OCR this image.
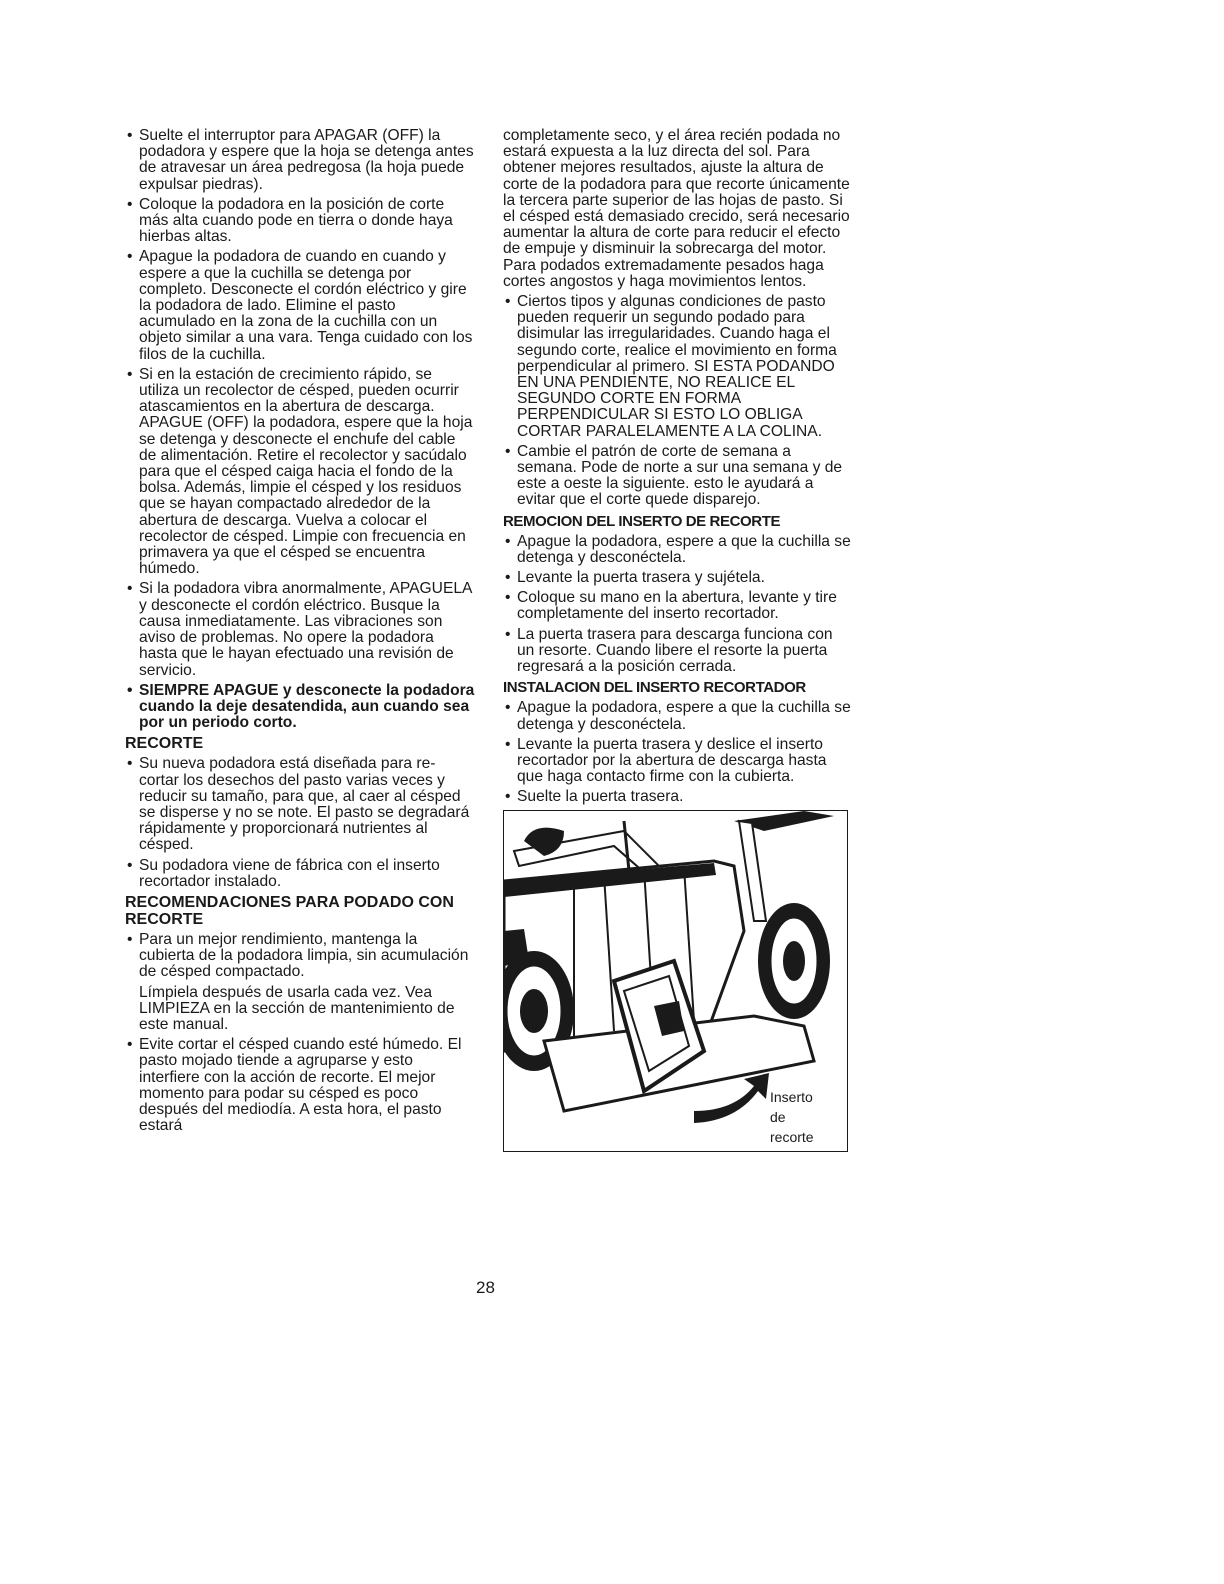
• Suelte el interruptor para APAGAR (OFF) la podadora y espere que la hoja se detenga antes de atravesar un área pedregosa (la hoja puede expulsar piedras).
• Coloque la podadora en la posición de corte más alta cuando pode en tierra o donde haya hierbas altas.
• Apague la podadora de cuando en cuando y espere a que la cuchilla se detenga por completo. Desconecte el cordón eléctrico y gire la podadora de lado. Elimine el pasto acumulado en la zona de la cuchilla con un objeto similar a una vara. Tenga cuidado con los filos de la cuchilla.
• Si en la estación de crecimiento rápido, se utiliza un recolector de césped, pueden ocurrir atascamientos en la abertura de descarga. APAGUE (OFF) la podadora, espere que la hoja se detenga y desconecte el enchufe del cable de alimentación. Retire el recolector y sacúdalo para que el césped caiga hacia el fondo de la bolsa. Además, limpie el césped y los residuos que se hayan compactado alrededor de la abertura de descarga. Vuelva a colocar el recolector de césped. Limpie con frecuencia en primavera ya que el césped se encuentra húmedo.
• Si la podadora vibra anormalmente, APAGUELA y desconecte el cordón eléctrico. Busque la causa inmediatamente. Las vibraciones son aviso de problemas. No opere la podadora hasta que le hayan efectuado una revisión de servicio.
• SIEMPRE APAGUE y desconecte la podadora cuando la deje desatendida, aun cuando sea por un periodo corto.
RECORTE
• Su nueva podadora está diseñada para re-cortar los desechos del pasto varias veces y reducir su tamaño, para que, al caer al césped se disperse y no se note. El pasto se degradará rápidamente y proporcionará nutrientes al césped.
• Su podadora viene de fábrica con el inserto recortador instalado.
RECOMENDACIONES PARA PODADO CON RECORTE
• Para un mejor rendimiento, mantenga la cubierta de la podadora limpia, sin acumulación de césped compactado.
Límpiela después de usarla cada vez. Vea LIMPIEZA en la sección de mantenimiento de este manual.
• Evite cortar el césped cuando esté húmedo. El pasto mojado tiende a agruparse y esto interfiere con la acción de recorte. El mejor momento para podar su césped es poco después del mediodía. A esta hora, el pasto estará
completamente seco, y el área recién podada no estará expuesta a la luz directa del sol. Para obtener mejores resultados, ajuste la altura de corte de la podadora para que recorte únicamente la tercera parte superior de las hojas de pasto. Si el césped está demasiado crecido, será necesario aumentar la altura de corte para reducir el efecto de empuje y disminuir la sobrecarga del motor. Para podados extremadamente pesados haga cortes angostos y haga movimientos lentos.
• Ciertos tipos y algunas condiciones de pasto pueden requerir un segundo podado para disimular las irregularidades. Cuando haga el segundo corte, realice el movimiento en forma perpendicular al primero. SI ESTA PODANDO EN UNA PENDIENTE, NO REALICE EL SEGUNDO CORTE EN FORMA PERPENDICULAR SI ESTO LO OBLIGA CORTAR PARALELAMENTE A LA COLINA.
• Cambie el patrón de corte de semana a semana. Pode de norte a sur una semana y de este a oeste la siguiente. esto le ayudará a evitar que el corte quede disparejo.
REMOCION DEL INSERTO DE RECORTE
• Apague la podadora, espere a que la cuchilla se detenga y desconéctela.
• Levante la puerta trasera y sujétela.
• Coloque su mano en la abertura, levante y tire completamente del inserto recortador.
• La puerta trasera para descarga funciona con un resorte. Cuando libere el resorte la puerta regresará a la posición cerrada.
INSTALACION DEL INSERTO RECORTADOR
• Apague la podadora, espere a que la cuchilla se detenga y desconéctela.
• Levante la puerta trasera y deslice el inserto recortador por la abertura de descarga hasta que haga contacto firme con la cubierta.
• Suelte la puerta trasera.
Inserto
de
recorte
28
